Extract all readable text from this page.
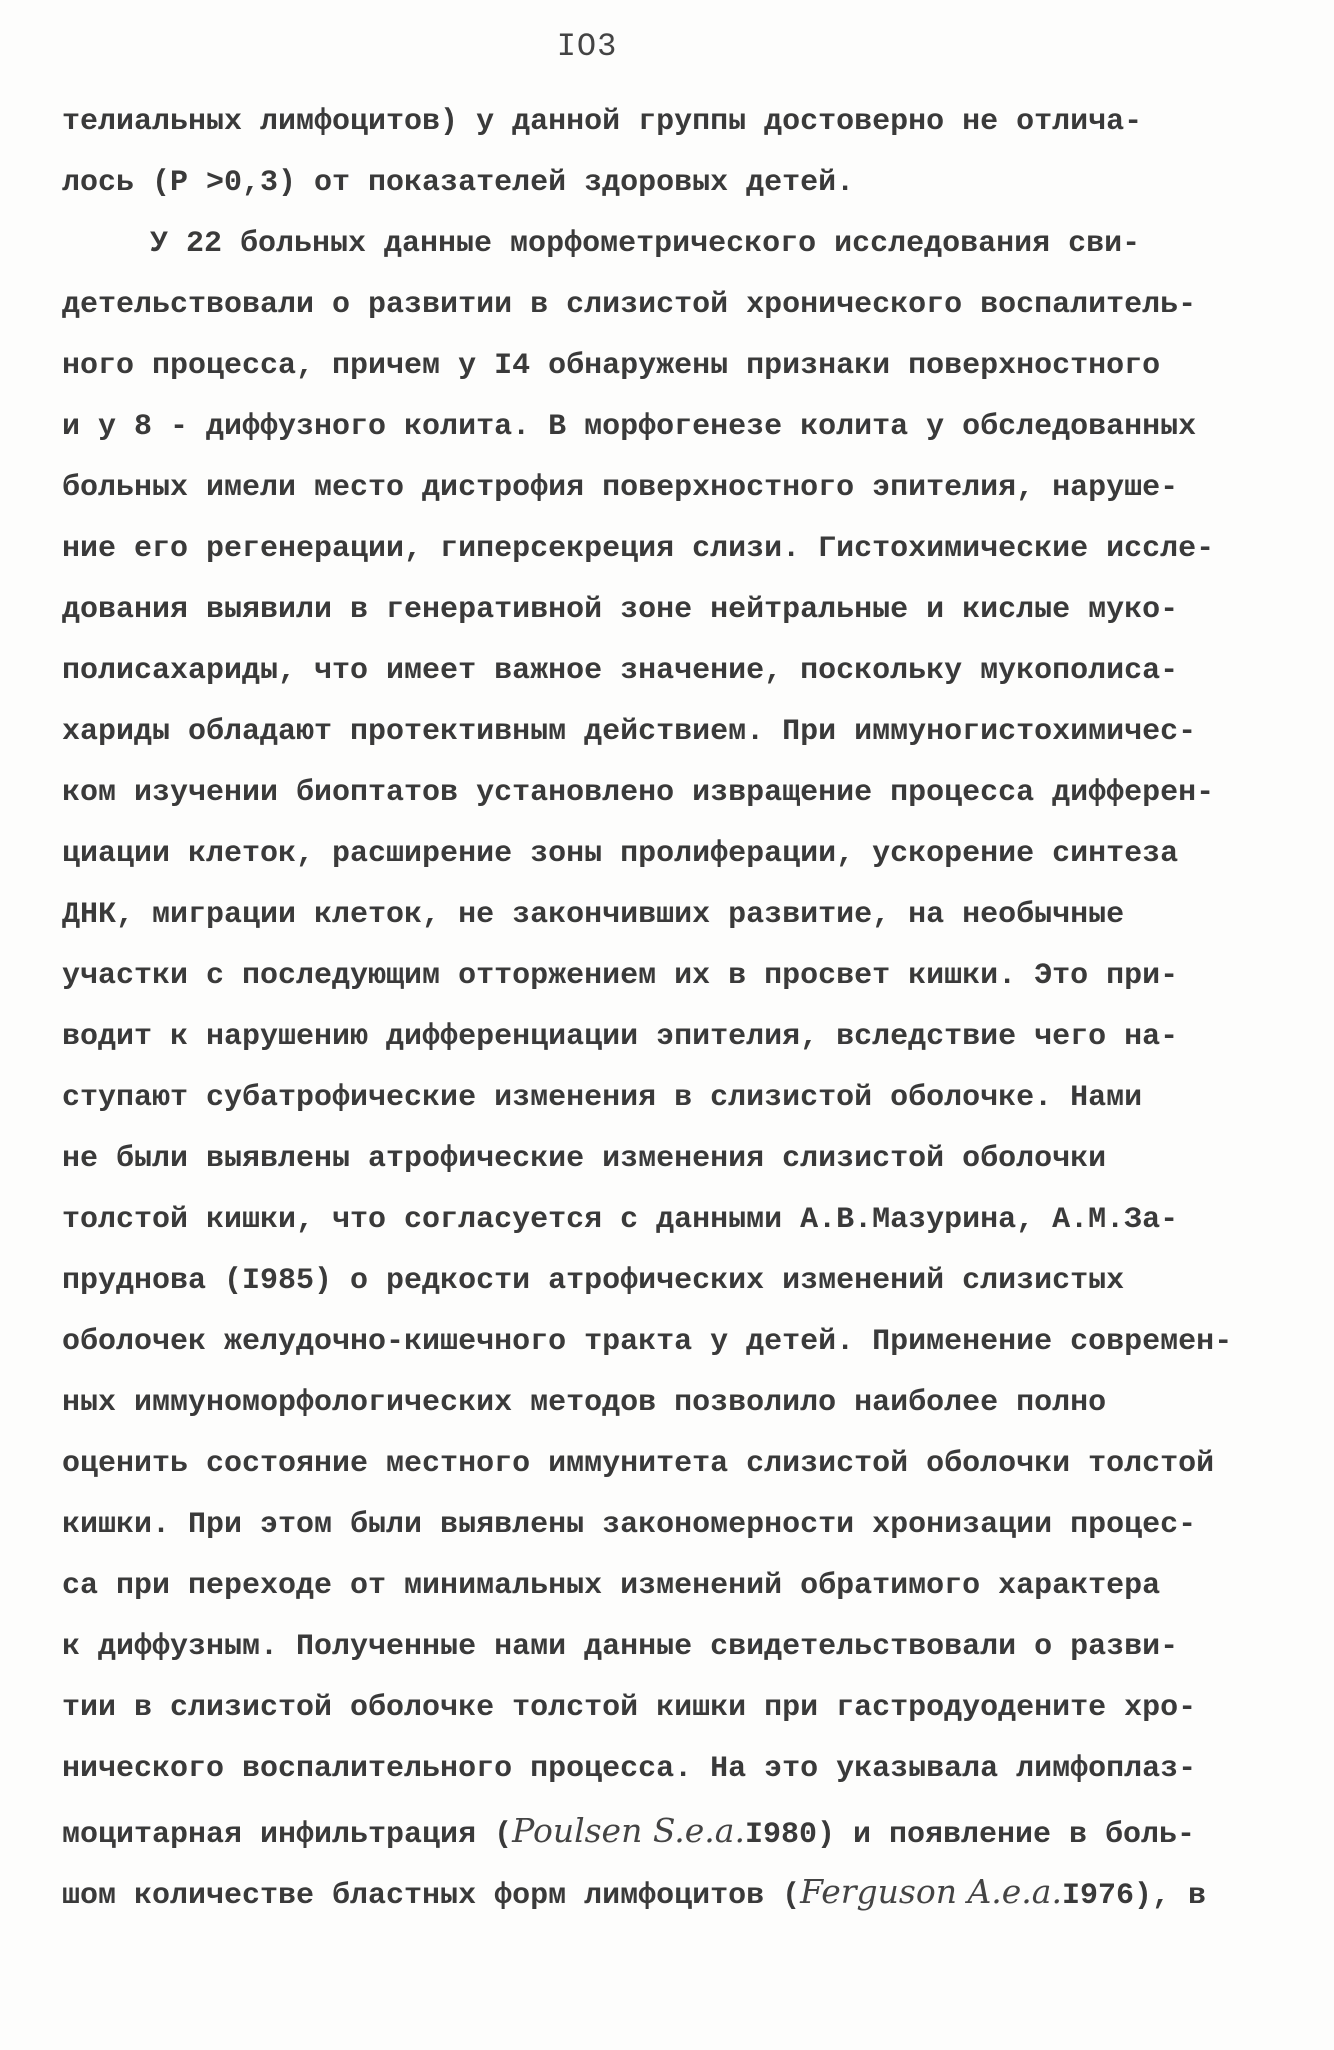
IO3
телиальных лимфоцитов) у данной группы достоверно не отлича-
лось (Р >0,3) от показателей здоровых детей.
У 22 больных данные морфометрического исследования сви-
детельствовали о развитии в слизистой хронического воспалитель-
ного процесса, причем у I4 обнаружены признаки поверхностного
и у 8 - диффузного колита. В морфогенезе колита у обследованных
больных имели место дистрофия поверхностного эпителия, наруше-
ние его регенерации, гиперсекреция слизи. Гистохимические иссле-
дования выявили в генеративной зоне нейтральные и кислые муко-
полисахариды, что имеет важное значение, поскольку мукополиса-
хариды обладают протективным действием. При иммуногистохимичес-
ком изучении биоптатов установлено извращение процесса дифферен-
циации клеток, расширение зоны пролиферации, ускорение синтеза
ДНК, миграции клеток, не закончивших развитие, на необычные
участки с последующим отторжением их в просвет кишки. Это при-
водит к нарушению дифференциации эпителия, вследствие чего на-
ступают субатрофические изменения в слизистой оболочке. Нами
не были выявлены атрофические изменения слизистой оболочки
толстой кишки, что согласуется с данными А.В.Мазурина, А.М.За-
пруднова (I985) о редкости атрофических изменений слизистых
оболочек желудочно-кишечного тракта у детей. Применение современ-
ных иммуноморфологических методов позволило наиболее полно
оценить состояние местного иммунитета слизистой оболочки толстой
кишки. При этом были выявлены закономерности хронизации процес-
са при переходе от минимальных изменений обратимого характера
к диффузным. Полученные нами данные свидетельствовали о разви-
тии в слизистой оболочке толстой кишки при гастродуодените хро-
нического воспалительного процесса. На это указывала лимфоплаз-
моцитарная инфильтрация (Poulsen S.e.a.I980) и появление в боль-
шом количестве бластных форм лимфоцитов (Ferguson A.e.a.I976), в
